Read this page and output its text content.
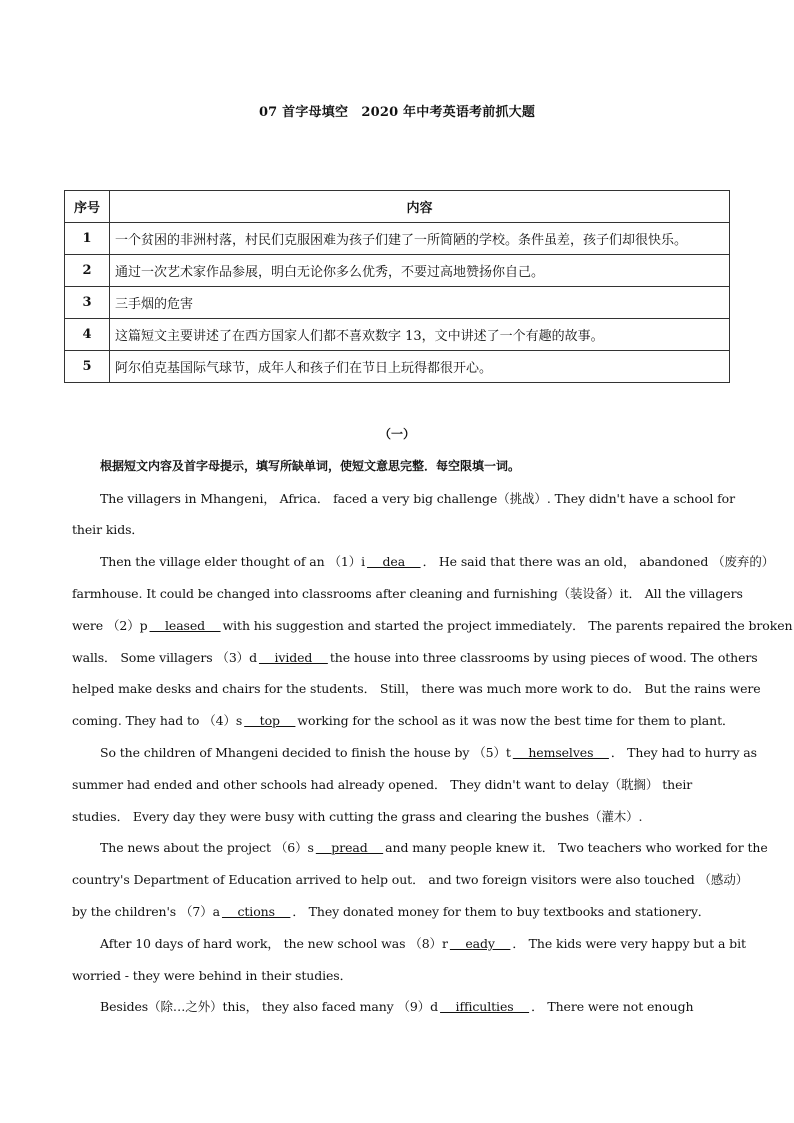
07 首字母填空　2020 年中考英语考前抓大题
序号	内容
1	一个贫困的非洲村落，村民们克服困难为孩子们建了一所简陋的学校。条件虽差，孩子们却很快乐。
2	通过一次艺术家作品参展，明白无论你多么优秀，不要过高地赞扬你自己。
3	三手烟的危害
4	这篇短文主要讲述了在西方国家人们都不喜欢数字 13，文中讲述了一个有趣的故事。
5	阿尔伯克基国际气球节，成年人和孩子们在节日上玩得都很开心。
（一）
根据短文内容及首字母提示，填写所缺单词，使短文意思完整．每空限填一词。
The villagers in Mhangeni， Africa． faced a very big challenge（挑战）. They didn't have a school for
their kids．
Then the village elder thought of an （1）i    dea    ． He said that there was an old， abandoned （废弃的）
farmhouse. It could be changed into classrooms after cleaning and furnishing（装设备）it． All the villagers
were （2）p    leased    with his suggestion and started the project immediately． The parents repaired the broken
walls． Some villagers （3）d    ivided    the house into three classrooms by using pieces of wood. The others
helped make desks and chairs for the students． Still， there was much more work to do． But the rains were
coming. They had to （4）s    top    working for the school as it was now the best time for them to plant．
So the children of Mhangeni decided to finish the house by （5）t    hemselves    ． They had to hurry as
summer had ended and other schools had already opened． They didn't want to delay（耽搁） their
studies． Every day they were busy with cutting the grass and clearing the bushes（灌木）.
The news about the project （6）s    pread    and many people knew it． Two teachers who worked for the
country's Department of Education arrived to help out． and two foreign visitors were also touched （感动）
by the children's （7）a    ctions    ． They donated money for them to buy textbooks and stationery．
After 10 days of hard work， the new school was （8）r    eady    ． The kids were very happy but a bit
worried - they were behind in their studies．
Besides（除…之外）this， they also faced many （9）d    ifficulties    ． There were not enough
